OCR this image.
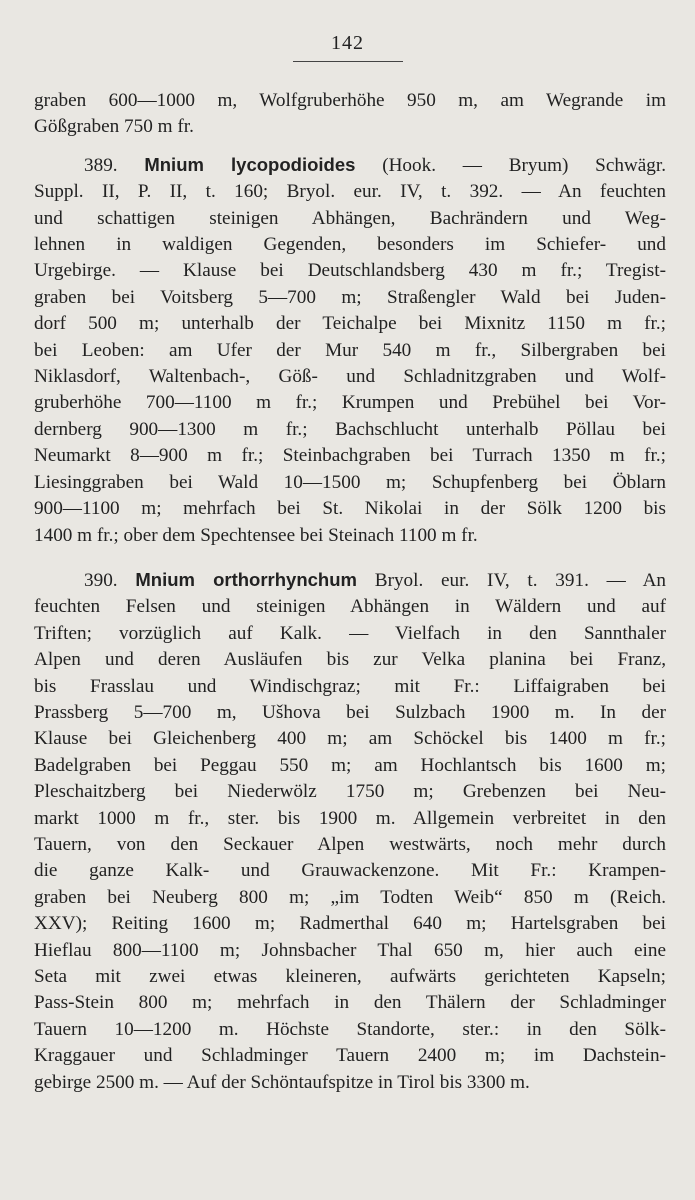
142
graben 600—1000 m, Wolfgruberhöhe 950 m, am Wegrande im
Gößgraben 750 m fr.
389. Mnium lycopodioides (Hook. — Bryum) Schwägr.
Suppl. II, P. II, t. 160; Bryol. eur. IV, t. 392. — An feuchten
und schattigen steinigen Abhängen, Bachrändern und Weg-
lehnen in waldigen Gegenden, besonders im Schiefer- und
Urgebirge. — Klause bei Deutschlandsberg 430 m fr.; Tregist-
graben bei Voitsberg 5—700 m; Straßengler Wald bei Juden-
dorf 500 m; unterhalb der Teichalpe bei Mixnitz 1150 m fr.;
bei Leoben: am Ufer der Mur 540 m fr., Silbergraben bei
Niklasdorf, Waltenbach-, Göß- und Schladnitzgraben und Wolf-
gruberhöhe 700—1100 m fr.; Krumpen und Prebühel bei Vor-
dernberg 900—1300 m fr.; Bachschlucht unterhalb Pöllau bei
Neumarkt 8—900 m fr.; Steinbachgraben bei Turrach 1350 m fr.;
Liesinggraben bei Wald 10—1500 m; Schupfenberg bei Öblarn
900—1100 m; mehrfach bei St. Nikolai in der Sölk 1200 bis
1400 m fr.; ober dem Spechtensee bei Steinach 1100 m fr.
390. Mnium orthorrhynchum Bryol. eur. IV, t. 391. — An
feuchten Felsen und steinigen Abhängen in Wäldern und auf
Triften; vorzüglich auf Kalk. — Vielfach in den Sannthaler
Alpen und deren Ausläufen bis zur Velka planina bei Franz,
bis Frasslau und Windischgraz; mit Fr.: Liffaigraben bei
Prassberg 5—700 m, Ušhova bei Sulzbach 1900 m. In der
Klause bei Gleichenberg 400 m; am Schöckel bis 1400 m fr.;
Badelgraben bei Peggau 550 m; am Hochlantsch bis 1600 m;
Pleschaitzberg bei Niederwölz 1750 m; Grebenzen bei Neu-
markt 1000 m fr., ster. bis 1900 m. Allgemein verbreitet in den
Tauern, von den Seckauer Alpen westwärts, noch mehr durch
die ganze Kalk- und Grauwackenzone. Mit Fr.: Krampen-
graben bei Neuberg 800 m; „im Todten Weib“ 850 m (Reich.
XXV); Reiting 1600 m; Radmerthal 640 m; Hartelsgraben bei
Hieflau 800—1100 m; Johnsbacher Thal 650 m, hier auch eine
Seta mit zwei etwas kleineren, aufwärts gerichteten Kapseln;
Pass-Stein 800 m; mehrfach in den Thälern der Schladminger
Tauern 10—1200 m. Höchste Standorte, ster.: in den Sölk-
Kraggauer und Schladminger Tauern 2400 m; im Dachstein-
gebirge 2500 m. — Auf der Schöntaufspitze in Tirol bis 3300 m.
